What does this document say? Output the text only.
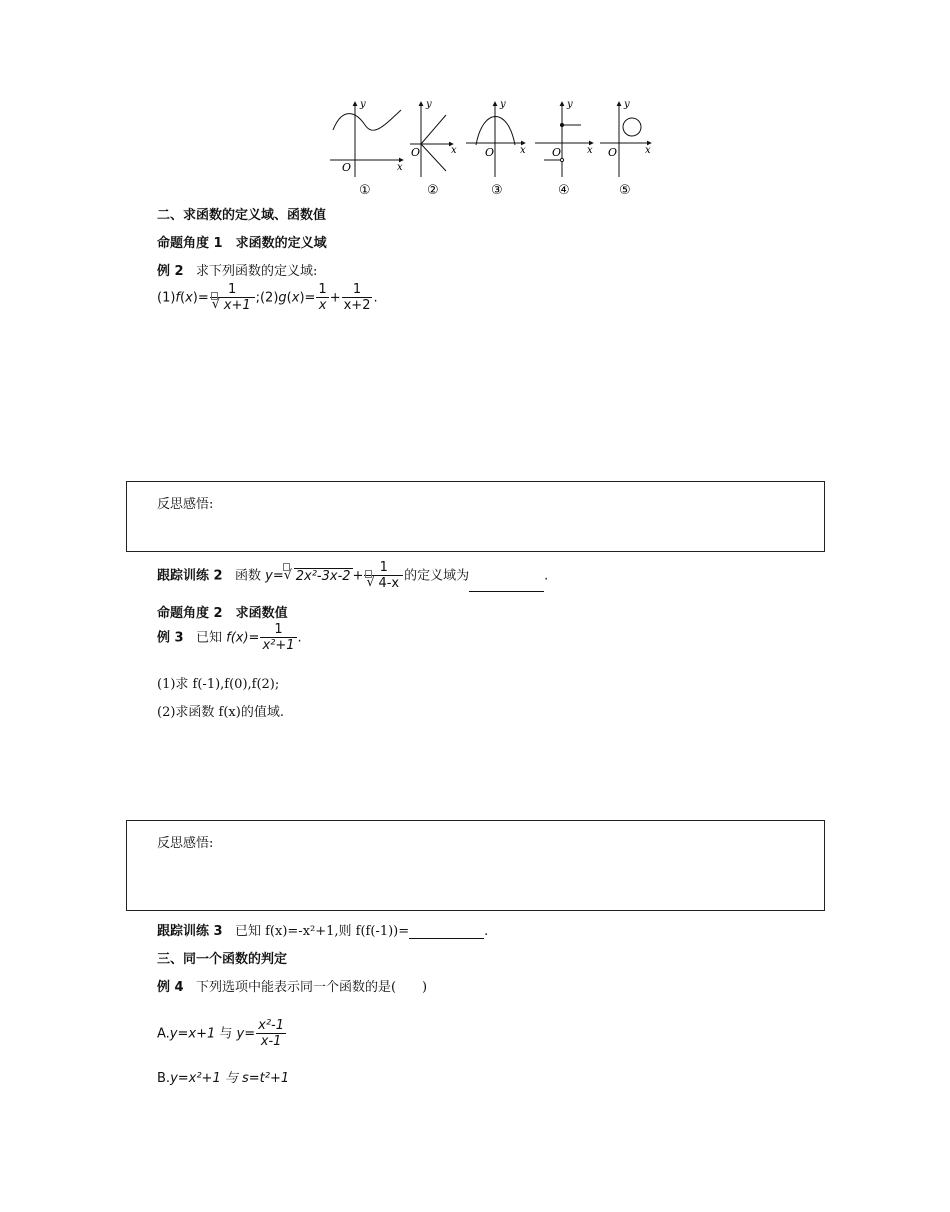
y
x
O
①
y
x
O
②
y
x
O
③
y
x
O
④
y
x
O
⑤
二、求函数的定义域、函数值
命题角度 1　求函数的定义域
例 2 求下列函数的定义域:
$(1)f(x)= \frac{1}{√ x+1}$ ;(2)g(x)= $\frac{1}{x} + \frac{1}{x+2}$ .
反思感悟:
跟踪训练 2 函数 y= √ $2x^2-3x-2 + \frac{1}{√ 4-x}$ 的定义域为	.
命题角度 2　求函数值
例 3 已知 $f(x)= \frac{1}{\text{x²+1}}$ .
(1)求 f(-1),f(0),f(2);
(2)求函数 f(x)的值域.
反思感悟:
跟踪训练 3 已知 f(x)=-x²+1,则 f(f(-1))=	.
三、同一个函数的判定
例 4 下列选项中能表示同一个函数的是(　　)
A.y=x+1 与 $y= \frac{\text{x²-1}}{x-1}$
B.y=x²+1 与 s=t²+1
